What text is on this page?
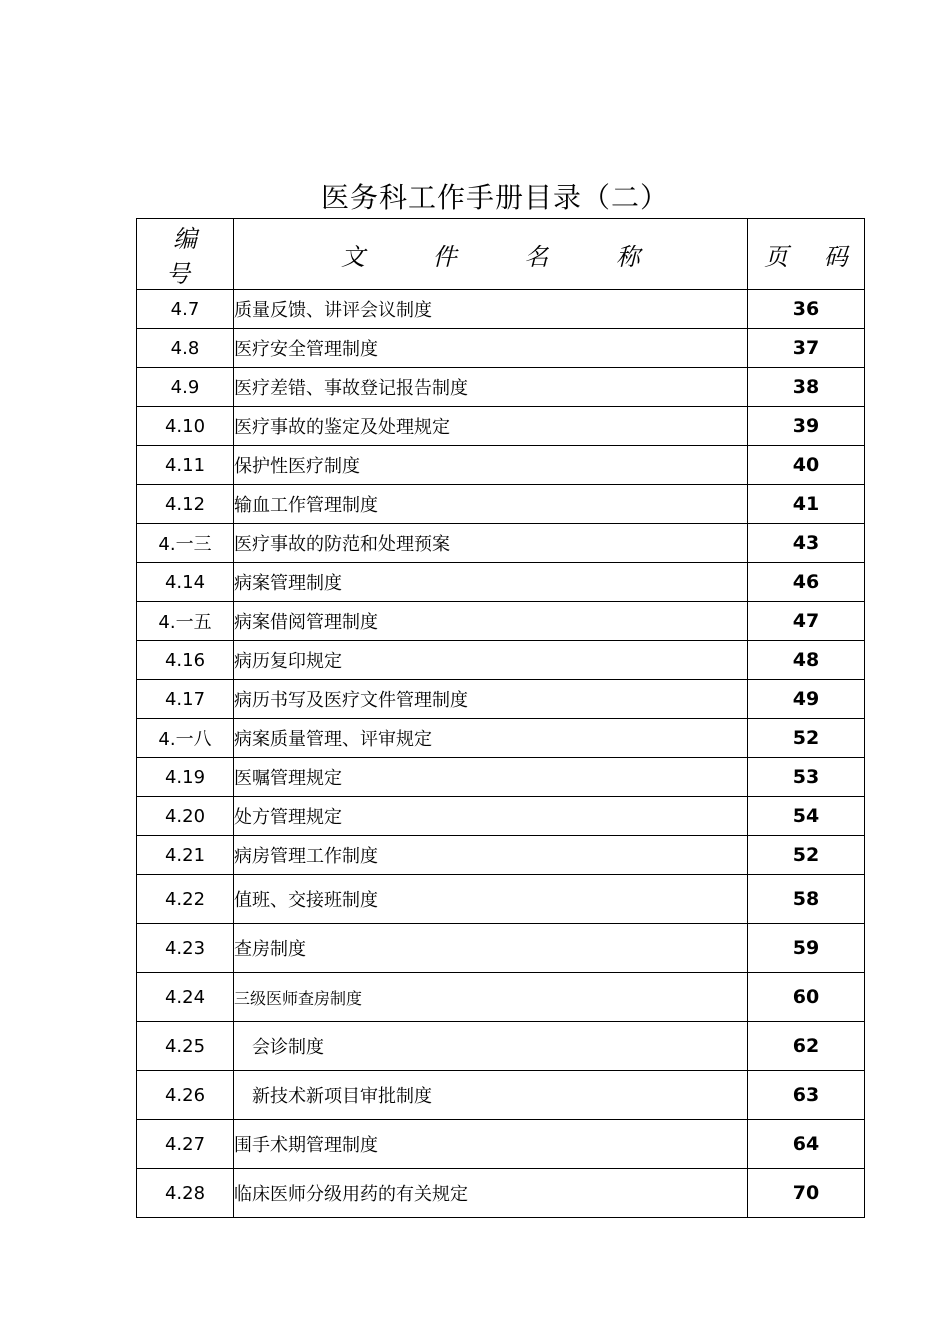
医务科工作手册目录（二）
编 号	文 件 名 称	页 码
4.7	质量反馈、讲评会议制度	36
4.8	医疗安全管理制度	37
4.9	医疗差错、事故登记报告制度	38
4.10	医疗事故的鉴定及处理规定	39
4.11	保护性医疗制度	40
4.12	输血工作管理制度	41
4.一三	医疗事故的防范和处理预案	43
4.14	病案管理制度	46
4.一五	病案借阅管理制度	47
4.16	病历复印规定	48
4.17	病历书写及医疗文件管理制度	49
4.一八	病案质量管理、评审规定	52
4.19	医嘱管理规定	53
4.20	处方管理规定	54
4.21	病房管理工作制度	52
4.22	值班、交接班制度	58
4.23	查房制度	59
4.24	三级医师查房制度	60
4.25	会诊制度	62
4.26	新技术新项目审批制度	63
4.27	围手术期管理制度	64
4.28	临床医师分级用药的有关规定	70
